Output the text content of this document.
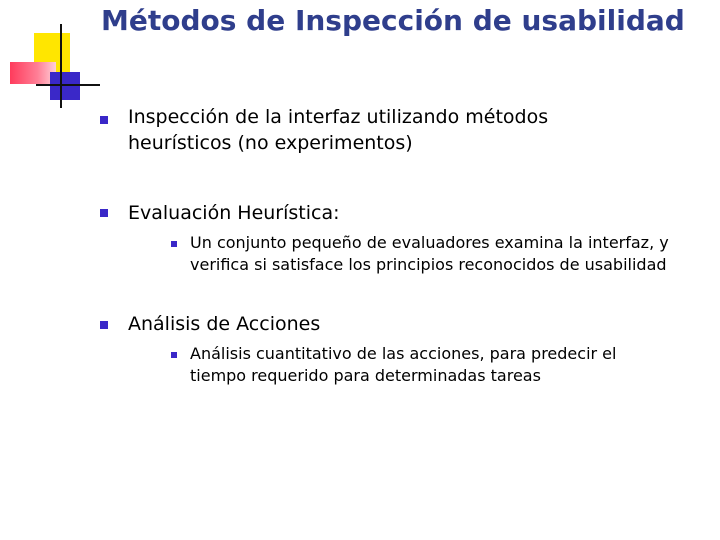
Métodos de Inspección de usabilidad
Inspección de la interfaz utilizando métodos heurísticos (no experimentos)
Evaluación Heurística:
Un conjunto pequeño de evaluadores examina la interfaz, y verifica si satisface los principios reconocidos de usabilidad
Análisis de Acciones
Análisis cuantitativo de las acciones, para predecir el tiempo requerido para determinadas tareas
